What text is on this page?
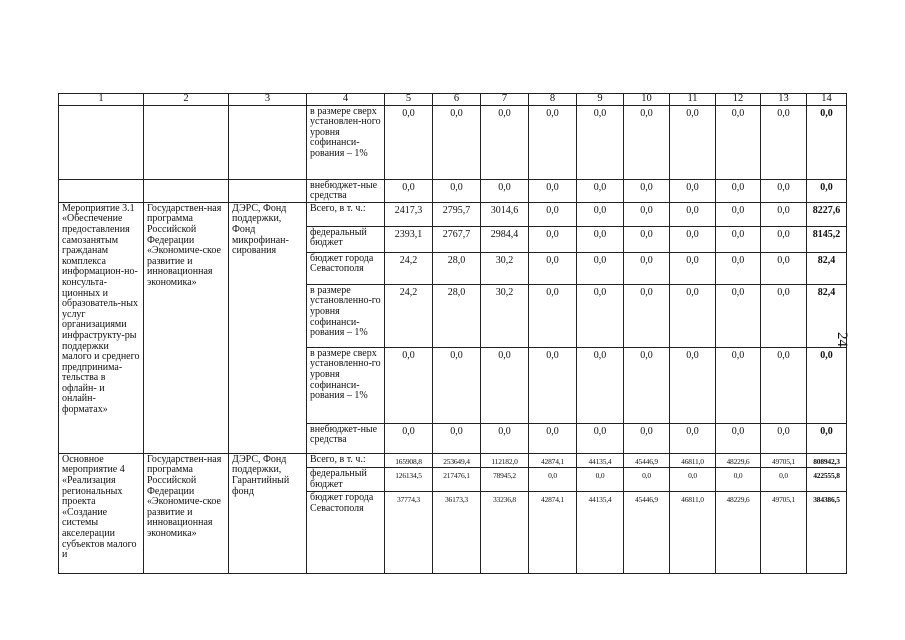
1	2	3	4	5	6	7	8	9	10	11	12	13	14
			в размере сверх установлен-ного уровня софинанси-рования – 1%	0,0	0,0	0,0	0,0	0,0	0,0	0,0	0,0	0,0	0,0
			внебюджет-ные средства	0,0	0,0	0,0	0,0	0,0	0,0	0,0	0,0	0,0	0,0
Мероприятие 3.1 «Обеспечение предоставления самозанятым гражданам комплекса информацион-но-консульта-ционных и образователь-ных услуг организациями инфраструкту-ры поддержки малого и среднего предпринима-тельства в офлайн- и онлайн-форматах»	Государствен-ная программа Российской Федерации «Экономиче-ское развитие и инновационная экономика»	ДЭРС, Фонд поддержки, Фонд микрофинан-сирования	Всего, в т. ч.:	2417,3	2795,7	3014,6	0,0	0,0	0,0	0,0	0,0	0,0	8227,6
			федеральный бюджет	2393,1	2767,7	2984,4	0,0	0,0	0,0	0,0	0,0	0,0	8145,2
			бюджет города Севастополя	24,2	28,0	30,2	0,0	0,0	0,0	0,0	0,0	0,0	82,4
			в размере установленно-го уровня софинанси-рования – 1%	24,2	28,0	30,2	0,0	0,0	0,0	0,0	0,0	0,0	82,4
			в размере сверх установленно-го уровня софинанси-рования – 1%	0,0	0,0	0,0	0,0	0,0	0,0	0,0	0,0	0,0	0,0
			внебюджет-ные средства	0,0	0,0	0,0	0,0	0,0	0,0	0,0	0,0	0,0	0,0
Основное мероприятие 4 «Реализация региональных проекта «Создание системы акселерации субъектов малого и	Государствен-ная программа Российской Федерации «Экономиче-ское развитие и инновационная экономика»	ДЭРС, Фонд поддержки, Гарантийный фонд	Всего, в т. ч.:	165908,8	253649,4	112182,0	42874,1	44135,4	45446,9	46811,0	48229,6	49705,1	808942,3
			федеральный бюджет	126134,5	217476,1	78945,2	0,0	0,0	0,0	0,0	0,0	0,0	422555,8
			бюджет города Севастополя	37774,3	36173,3	33236,8	42874,1	44135,4	45446,9	46811,0	48229,6	49705,1	384386,5
24
